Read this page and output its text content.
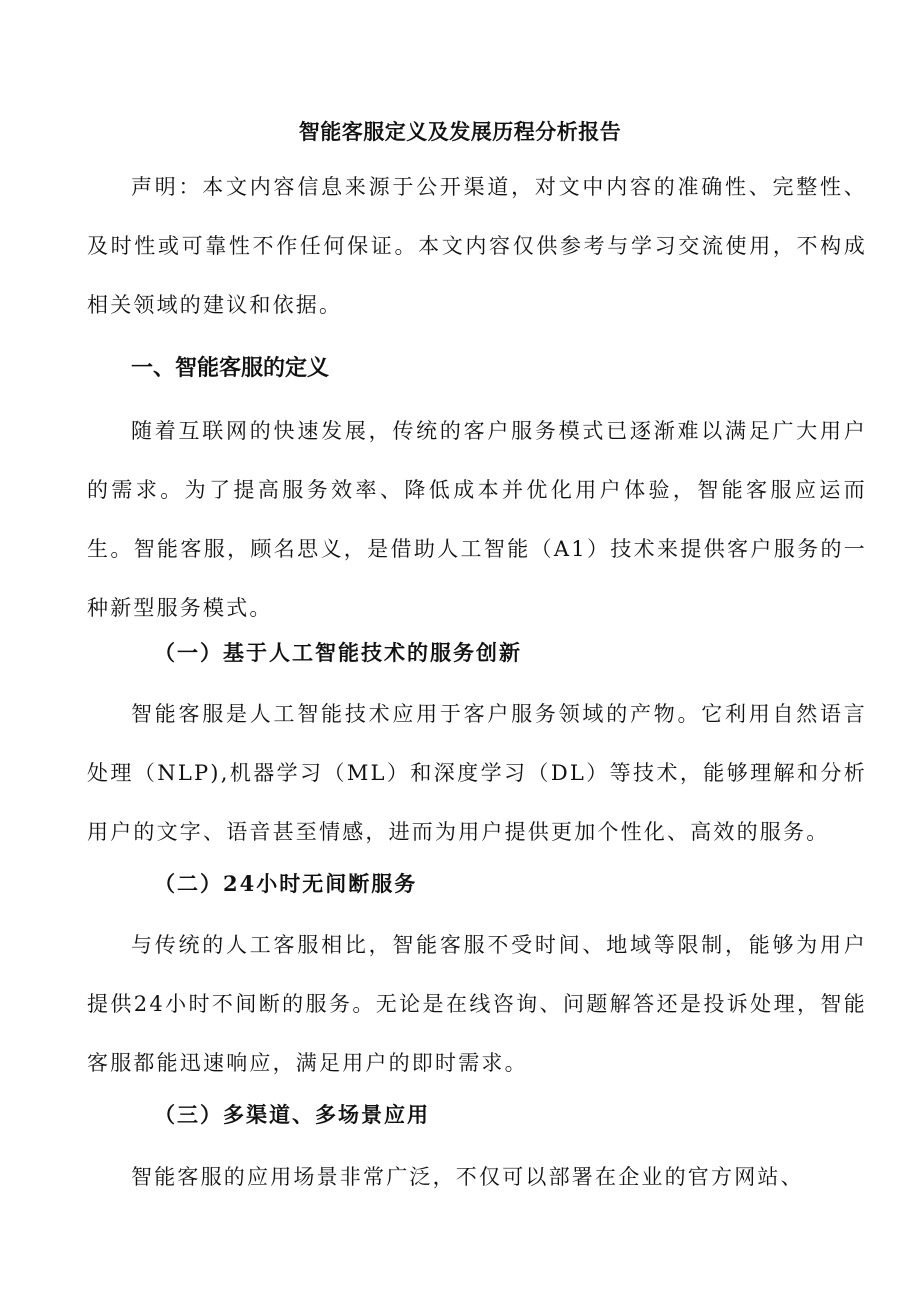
智能客服定义及发展历程分析报告

声明：本文内容信息来源于公开渠道，对文中内容的准确性、完整性、及时性或可靠性不作任何保证。本文内容仅供参考与学习交流使用，不构成相关领域的建议和依据。

一、智能客服的定义

随着互联网的快速发展，传统的客户服务模式已逐渐难以满足广大用户的需求。为了提高服务效率、降低成本并优化用户体验，智能客服应运而生。智能客服，顾名思义，是借助人工智能（A1）技术来提供客户服务的一种新型服务模式。

（一）基于人工智能技术的服务创新

智能客服是人工智能技术应用于客户服务领域的产物。它利用自然语言处理（NLP),机器学习（ML）和深度学习（DL）等技术，能够理解和分析用户的文字、语音甚至情感，进而为用户提供更加个性化、高效的服务。

（二）24小时无间断服务

与传统的人工客服相比，智能客服不受时间、地域等限制，能够为用户提供24小时不间断的服务。无论是在线咨询、问题解答还是投诉处理，智能客服都能迅速响应，满足用户的即时需求。

（三）多渠道、多场景应用

智能客服的应用场景非常广泛，不仅可以部署在企业的官方网站、
